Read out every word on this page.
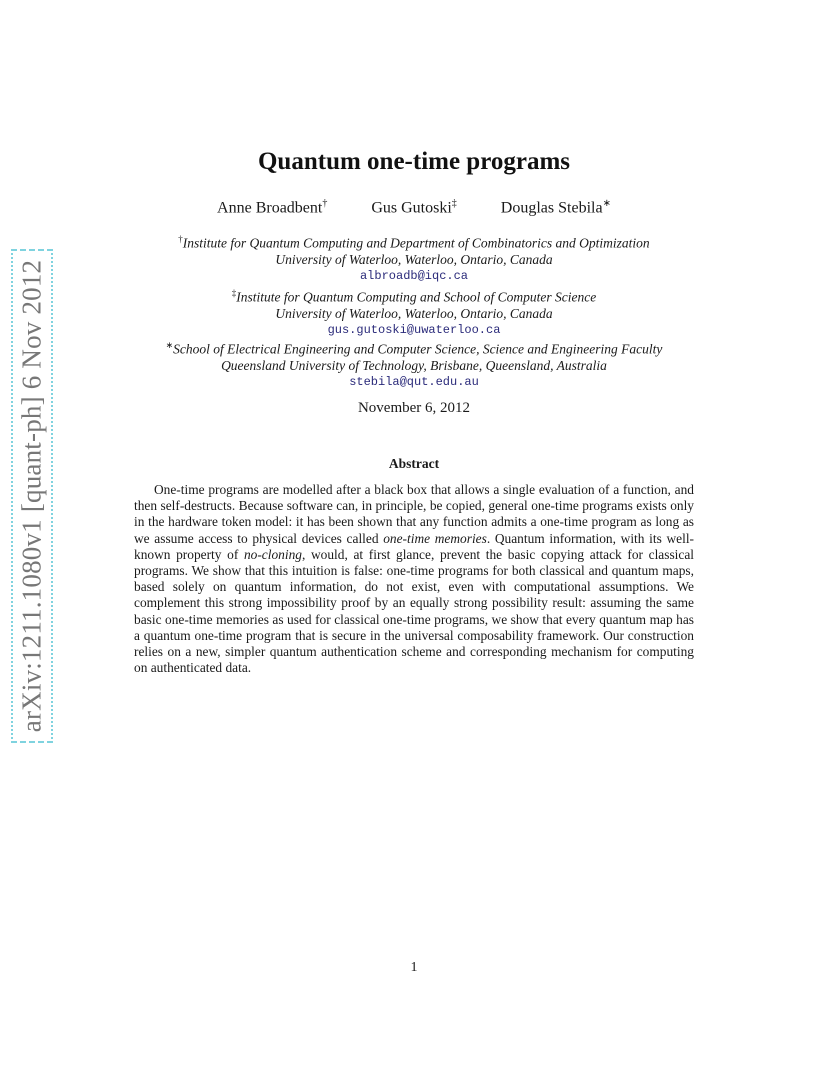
arXiv:1211.1080v1 [quant-ph] 6 Nov 2012
Quantum one-time programs
Anne Broadbent†	Gus Gutoski‡	Douglas Stebila∗
†Institute for Quantum Computing and Department of Combinatorics and Optimization
University of Waterloo, Waterloo, Ontario, Canada
albroadb@iqc.ca
‡Institute for Quantum Computing and School of Computer Science
University of Waterloo, Waterloo, Ontario, Canada
gus.gutoski@uwaterloo.ca
∗School of Electrical Engineering and Computer Science, Science and Engineering Faculty
Queensland University of Technology, Brisbane, Queensland, Australia
stebila@qut.edu.au
November 6, 2012
Abstract
One-time programs are modelled after a black box that allows a single evaluation of a function, and then self-destructs. Because software can, in principle, be copied, general one-time programs exists only in the hardware token model: it has been shown that any function admits a one-time program as long as we assume access to physical devices called one-time memories. Quantum information, with its well-known property of no-cloning, would, at first glance, prevent the basic copying attack for classical programs. We show that this intuition is false: one-time programs for both classical and quantum maps, based solely on quantum information, do not exist, even with computational assumptions. We complement this strong impossibility proof by an equally strong possibility result: assuming the same basic one-time memories as used for classical one-time programs, we show that every quantum map has a quantum one-time program that is secure in the universal composability framework. Our construction relies on a new, simpler quantum authentication scheme and corresponding mechanism for computing on authenticated data.
1
